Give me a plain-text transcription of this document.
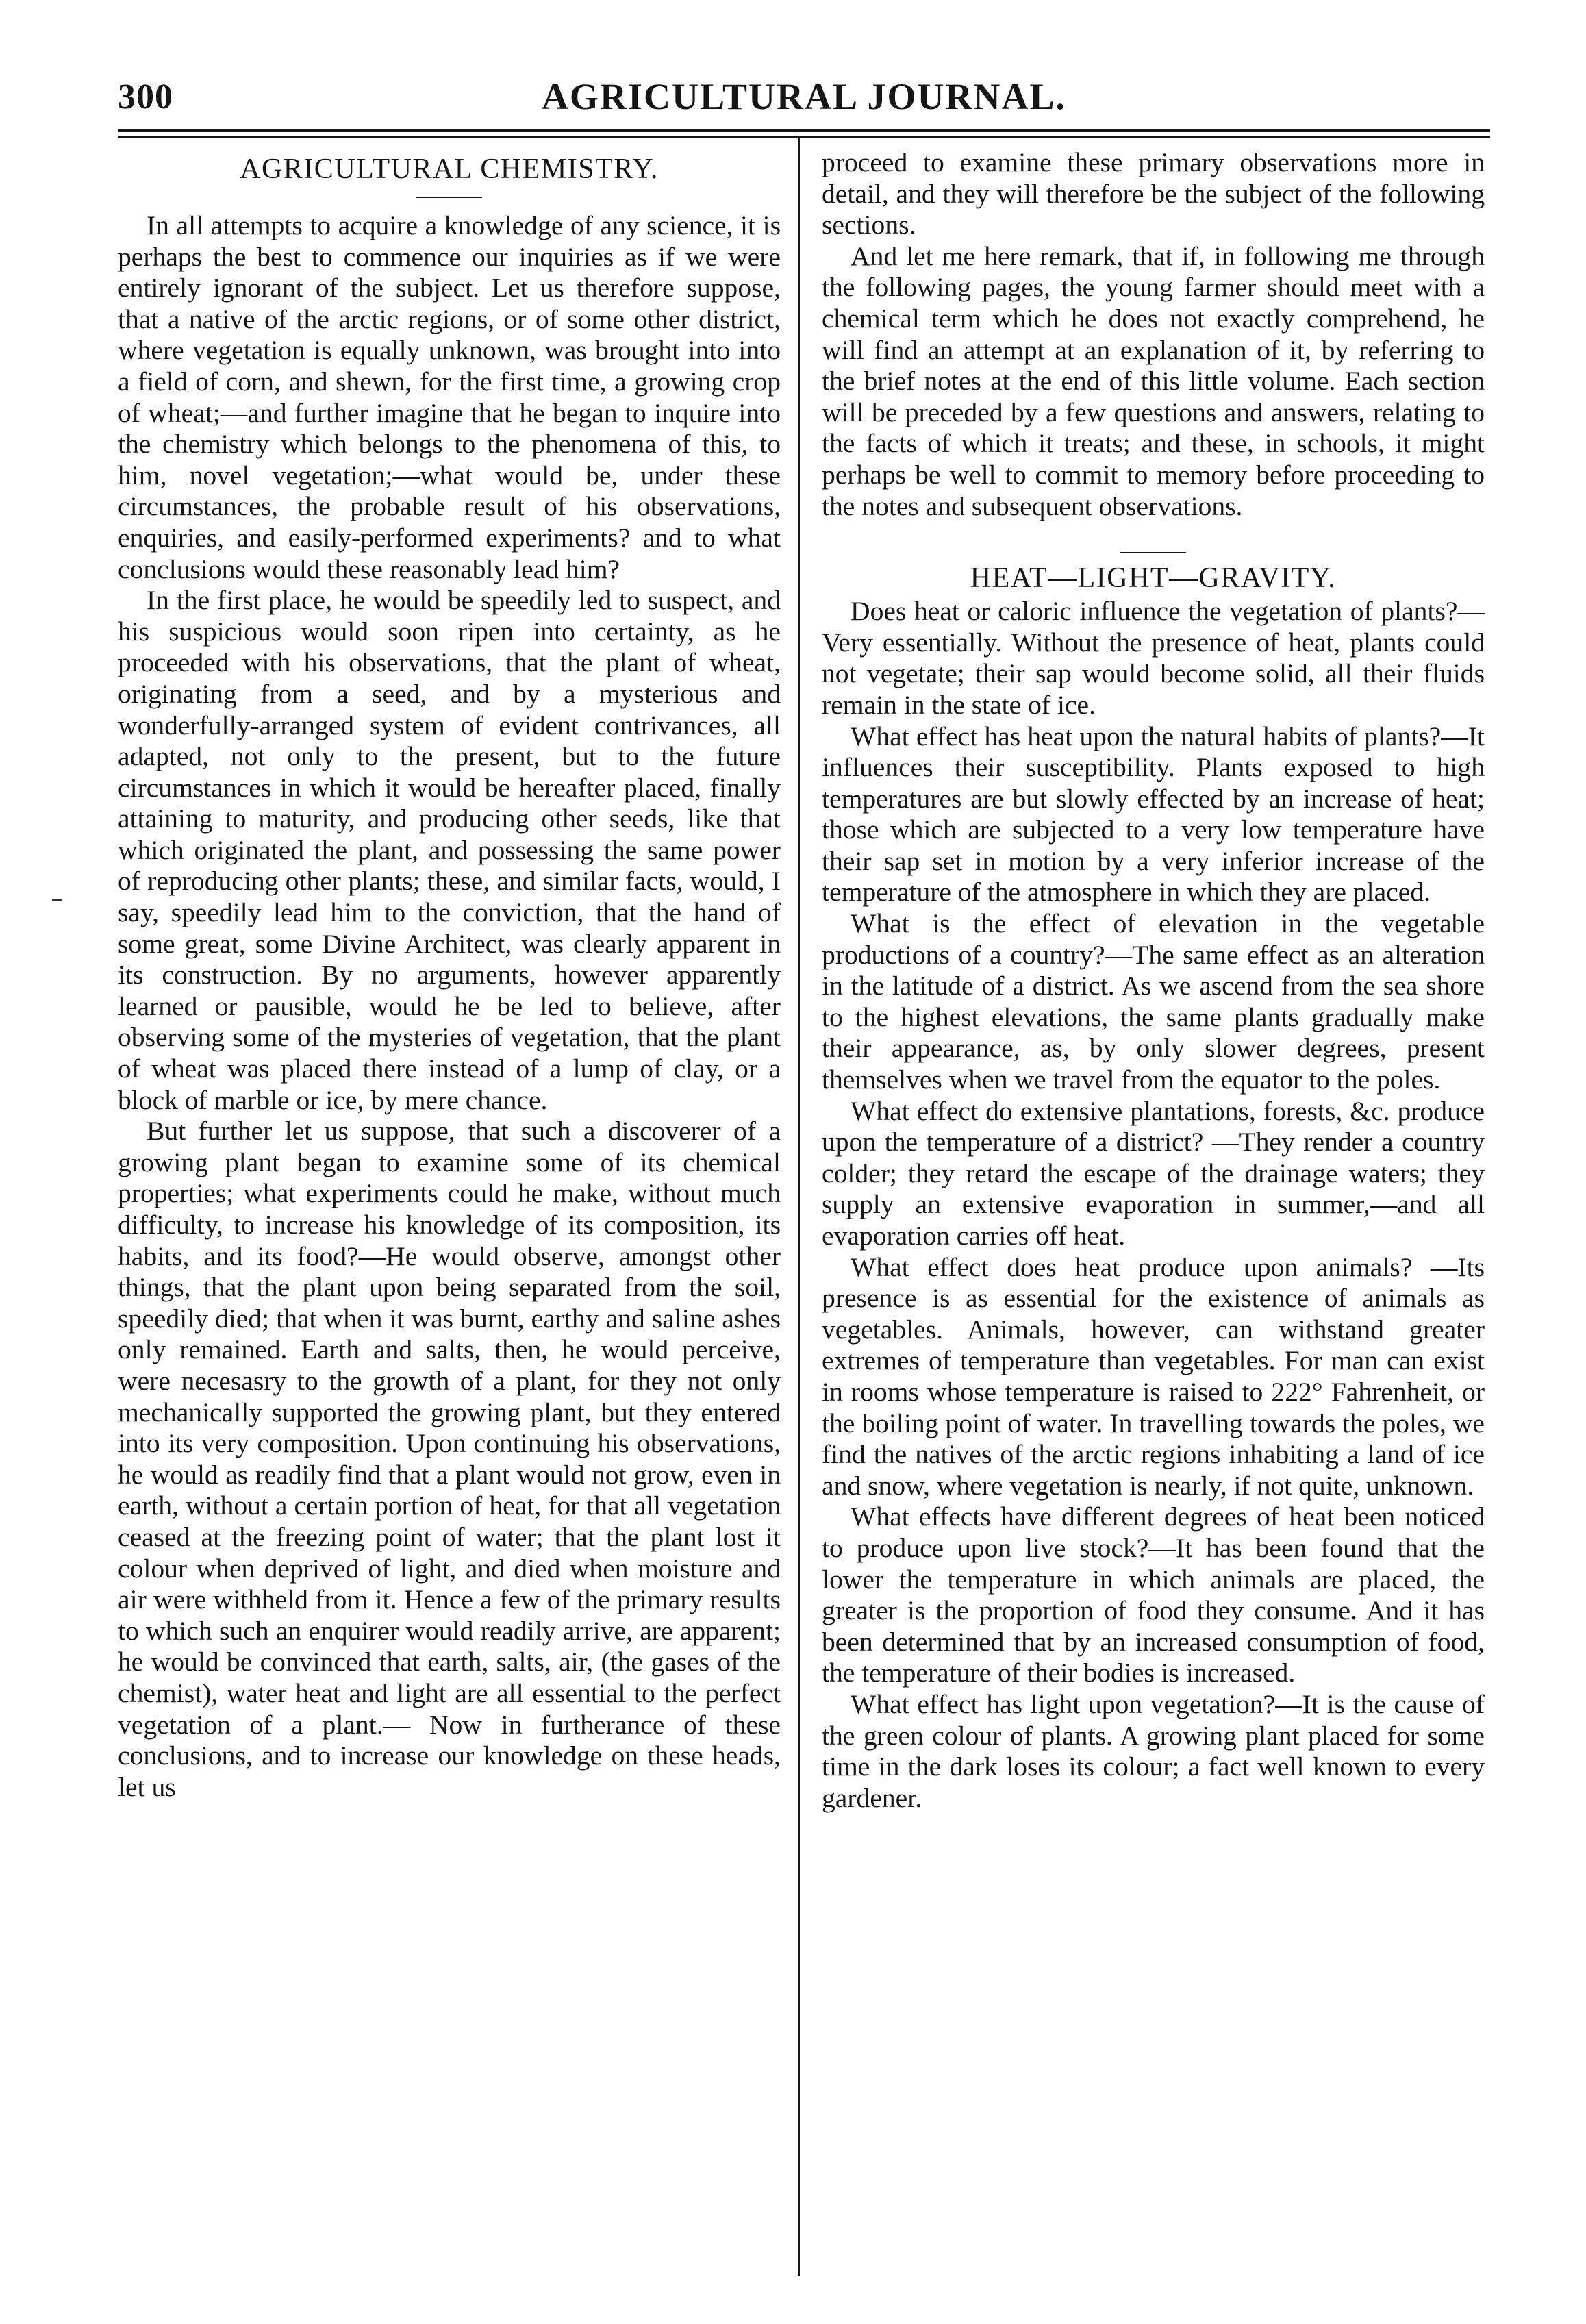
300	AGRICULTURAL JOURNAL.
AGRICULTURAL CHEMISTRY.

In all attempts to acquire a knowledge of any science, it is perhaps the best to commence our inquiries as if we were entirely ignorant of the subject. Let us therefore suppose, that a native of the arctic regions, or of some other district, where vegetation is equally unknown, was brought into into a field of corn, and shewn, for the first time, a growing crop of wheat;—and further imagine that he began to inquire into the chemistry which belongs to the phenomena of this, to him, novel vegetation;—what would be, under these circumstances, the probable result of his observations, enquiries, and easily-performed experiments? and to what conclusions would these reasonably lead him?

In the first place, he would be speedily led to suspect, and his suspicious would soon ripen into certainty, as he proceeded with his observations, that the plant of wheat, originating from a seed, and by a mysterious and wonderfully-arranged system of evident contrivances, all adapted, not only to the present, but to the future circumstances in which it would be hereafter placed, finally attaining to maturity, and producing other seeds, like that which originated the plant, and possessing the same power of reproducing other plants; these, and similar facts, would, I say, speedily lead him to the conviction, that the hand of some great, some Divine Architect, was clearly apparent in its construction. By no arguments, however apparently learned or pausible, would he be led to believe, after observing some of the mysteries of vegetation, that the plant of wheat was placed there instead of a lump of clay, or a block of marble or ice, by mere chance.

But further let us suppose, that such a discoverer of a growing plant began to examine some of its chemical properties; what experiments could he make, without much difficulty, to increase his knowledge of its composition, its habits, and its food?—He would observe, amongst other things, that the plant upon being separated from the soil, speedily died; that when it was burnt, earthy and saline ashes only remained. Earth and salts, then, he would perceive, were necesasry to the growth of a plant, for they not only mechanically supported the growing plant, but they entered into its very composition. Upon continuing his observations, he would as readily find that a plant would not grow, even in earth, without a certain portion of heat, for that all vegetation ceased at the freezing point of water; that the plant lost it colour when deprived of light, and died when moisture and air were withheld from it. Hence a few of the primary results to which such an enquirer would readily arrive, are apparent; he would be convinced that earth, salts, air, (the gases of the chemist), water heat and light are all essential to the perfect vegetation of a plant.— Now in furtherance of these conclusions, and to increase our knowledge on these heads, let us

proceed to examine these primary observations more in detail, and they will therefore be the subject of the following sections.

And let me here remark, that if, in following me through the following pages, the young farmer should meet with a chemical term which he does not exactly comprehend, he will find an attempt at an explanation of it, by referring to the brief notes at the end of this little volume. Each section will be preceded by a few questions and answers, relating to the facts of which it treats; and these, in schools, it might perhaps be well to commit to memory before proceeding to the notes and subsequent observations.

HEAT—LIGHT—GRAVITY.

Does heat or caloric influence the vegetation of plants?—Very essentially. Without the presence of heat, plants could not vegetate; their sap would become solid, all their fluids remain in the state of ice.

What effect has heat upon the natural habits of plants?—It influences their susceptibility. Plants exposed to high temperatures are but slowly effected by an increase of heat; those which are subjected to a very low temperature have their sap set in motion by a very inferior increase of the temperature of the atmosphere in which they are placed.

What is the effect of elevation in the vegetable productions of a country?—The same effect as an alteration in the latitude of a district. As we ascend from the sea shore to the highest elevations, the same plants gradually make their appearance, as, by only slower degrees, present themselves when we travel from the equator to the poles.

What effect do extensive plantations, forests, &c. produce upon the temperature of a district? —They render a country colder; they retard the escape of the drainage waters; they supply an extensive evaporation in summer,—and all evaporation carries off heat.

What effect does heat produce upon animals? —Its presence is as essential for the existence of animals as vegetables. Animals, however, can withstand greater extremes of temperature than vegetables. For man can exist in rooms whose temperature is raised to 222° Fahrenheit, or the boiling point of water. In travelling towards the poles, we find the natives of the arctic regions inhabiting a land of ice and snow, where vegetation is nearly, if not quite, unknown.

What effects have different degrees of heat been noticed to produce upon live stock?—It has been found that the lower the temperature in which animals are placed, the greater is the proportion of food they consume. And it has been determined that by an increased consumption of food, the temperature of their bodies is increased.

What effect has light upon vegetation?—It is the cause of the green colour of plants. A growing plant placed for some time in the dark loses its colour; a fact well known to every gardener.
